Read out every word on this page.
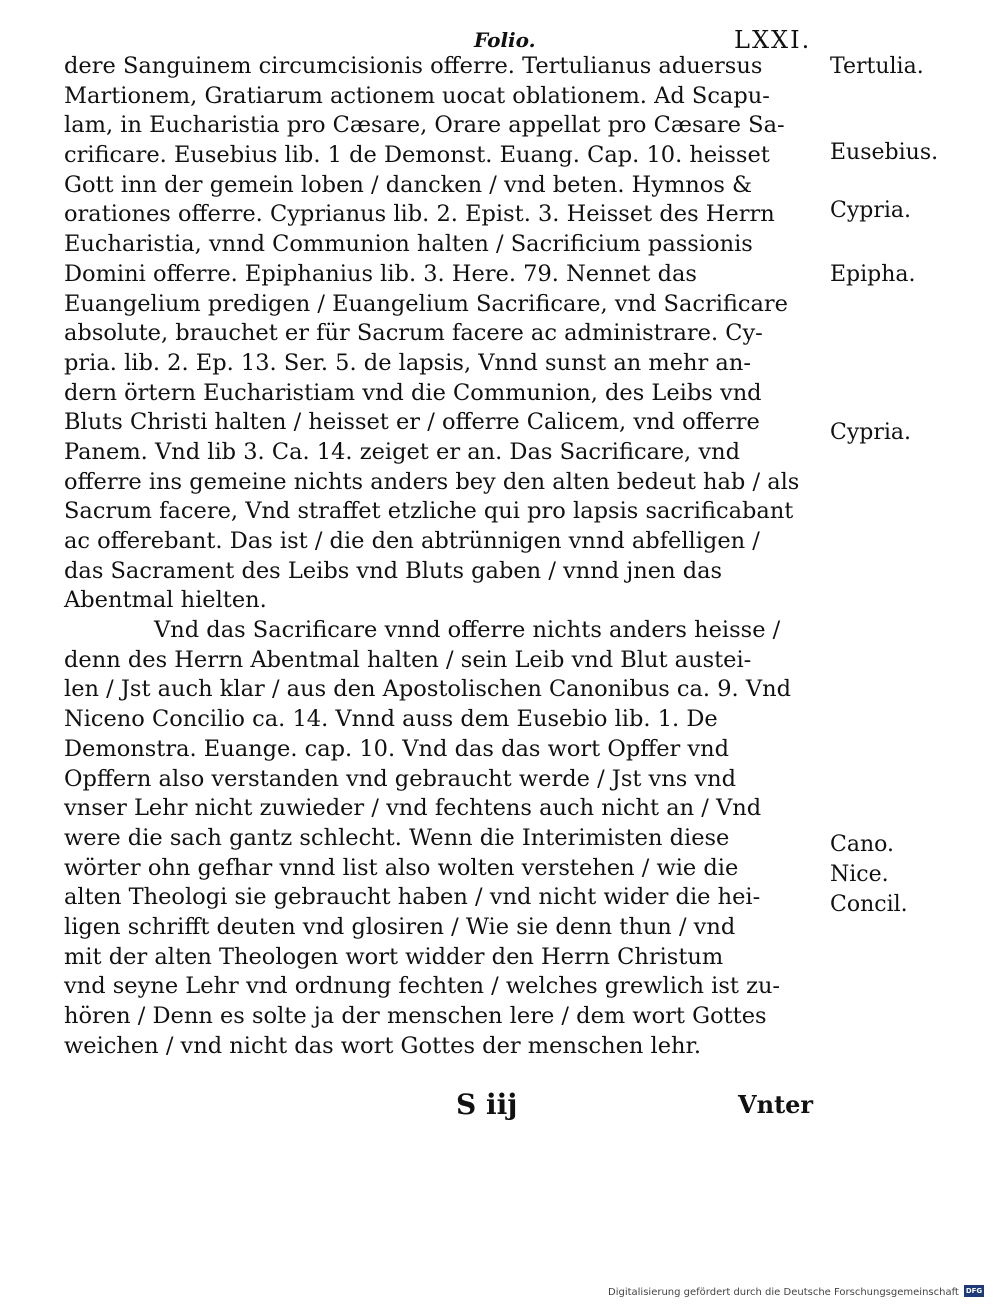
Folio.	LXXI.
dere Sanguinem circumcisionis offerre. Tertulianus aduersus
Martionem, Gratiarum actionem uocat oblationem. Ad Scapu-
lam, in Eucharistia pro Cæsare, Orare appellat pro Cæsare Sa-
crificare. Eusebius lib. 1 de Demonst. Euang. Cap. 10. heisset
Gott inn der gemein loben / dancken / vnd beten. Hymnos &
orationes offerre. Cyprianus lib. 2. Epist. 3. Heisset des Herrn
Eucharistia, vnnd Communion halten / Sacrificium passionis
Domini offerre. Epiphanius lib. 3. Here. 79. Nennet das
Euangelium predigen / Euangelium Sacrificare, vnd Sacrificare
absolute, brauchet er für Sacrum facere ac administrare. Cy-
pria. lib. 2. Ep. 13. Ser. 5. de lapsis, Vnnd sunst an mehr an-
dern örtern Eucharistiam vnd die Communion, des Leibs vnd
Bluts Christi halten / heisset er / offerre Calicem, vnd offerre
Panem. Vnd lib 3. Ca. 14. zeiget er an. Das Sacrificare, vnd
offerre ins gemeine nichts anders bey den alten bedeut hab / als
Sacrum facere, Vnd straffet etzliche qui pro lapsis sacrificabant
ac offerebant. Das ist / die den abtrünnigen vnnd abfelligen /
das Sacrament des Leibs vnd Bluts gaben / vnnd jnen das
Abentmal hielten.
Vnd das Sacrificare vnnd offerre nichts anders heisse /
denn des Herrn Abentmal halten / sein Leib vnd Blut austei-
len / Jst auch klar / aus den Apostolischen Canonibus ca. 9. Vnd
Niceno Concilio ca. 14. Vnnd auss dem Eusebio lib. 1. De
Demonstra. Euange. cap. 10. Vnd das das wort Opffer vnd
Opffern also verstanden vnd gebraucht werde / Jst vns vnd
vnser Lehr nicht zuwieder / vnd fechtens auch nicht an / Vnd
were die sach gantz schlecht. Wenn die Interimisten diese
wörter ohn gefhar vnnd list also wolten verstehen / wie die
alten Theologi sie gebraucht haben / vnd nicht wider die hei-
ligen schrifft deuten vnd glosiren / Wie sie denn thun / vnd
mit der alten Theologen wort widder den Herrn Christum
vnd seyne Lehr vnd ordnung fechten / welches grewlich ist zu-
hören / Denn es solte ja der menschen lere / dem wort Gottes
weichen / vnd nicht das wort Gottes der menschen lehr.
Tertulia.
Eusebius.
Cypria.
Epipha.
Cypria.
Cano.
Nice.
Concil.
S iij	Vnter
Digitalisierung gefördert durch die Deutsche Forschungsgemeinschaft DFG
